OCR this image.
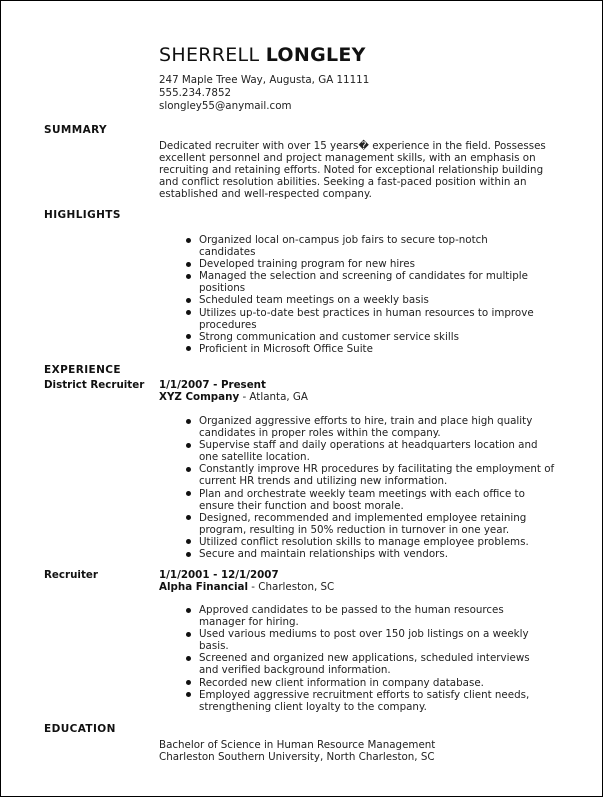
SHERRELL LONGLEY
247 Maple Tree Way, Augusta, GA 11111
555.234.7852
slongley55@anymail.com
SUMMARY
Dedicated recruiter with over 15 years� experience in the field. Possesses
excellent personnel and project management skills, with an emphasis on
recruiting and retaining efforts. Noted for exceptional relationship building
and conflict resolution abilities. Seeking a fast-paced position within an
established and well-respected company.
HIGHLIGHTS
Organized local on-campus job fairs to secure top-notch candidates
Developed training program for new hires
Managed the selection and screening of candidates for multiple positions
Scheduled team meetings on a weekly basis
Utilizes up-to-date best practices in human resources to improve procedures
Strong communication and customer service skills
Proficient in Microsoft Office Suite
EXPERIENCE
District Recruiter 1/1/2007 - Present
XYZ Company - Atlanta, GA
Organized aggressive efforts to hire, train and place high quality candidates in proper roles within the company.
Supervise staff and daily operations at headquarters location and one satellite location.
Constantly improve HR procedures by facilitating the employment of current HR trends and utilizing new information.
Plan and orchestrate weekly team meetings with each office to ensure their function and boost morale.
Designed, recommended and implemented employee retaining program, resulting in 50% reduction in turnover in one year.
Utilized conflict resolution skills to manage employee problems.
Secure and maintain relationships with vendors.
Recruiter	1/1/2001 - 12/1/2007
Alpha Financial - Charleston, SC
Approved candidates to be passed to the human resources manager for hiring.
Used various mediums to post over 150 job listings on a weekly basis.
Screened and organized new applications, scheduled interviews and verified background information.
Recorded new client information in company database.
Employed aggressive recruitment efforts to satisfy client needs, strengthening client loyalty to the company.
EDUCATION
Bachelor of Science in Human Resource Management
Charleston Southern University, North Charleston, SC
